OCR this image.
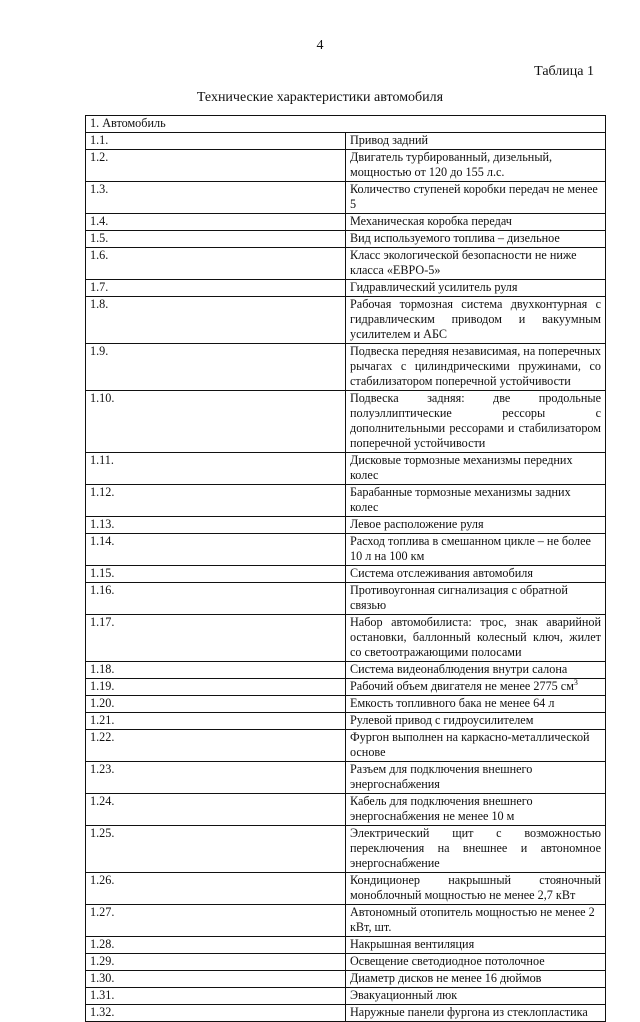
4
Таблица 1
Технические характеристики автомобиля
1. Автомобиль	
1.1.	Привод задний
1.2.	Двигатель турбированный, дизельный, мощностью от 120 до 155 л.с.
1.3.	Количество ступеней коробки передач не менее 5
1.4.	Механическая коробка передач
1.5.	Вид используемого топлива – дизельное
1.6.	Класс экологической безопасности не ниже класса «ЕВРО-5»
1.7.	Гидравлический усилитель руля
1.8.	Рабочая тормозная система двухконтурная с гидравлическим приводом и вакуумным усилителем и АБС
1.9.	Подвеска передняя независимая, на поперечных рычагах с цилиндрическими пружинами, со стабилизатором поперечной устойчивости
1.10.	Подвеска задняя: две продольные полуэллиптические рессоры с дополнительными рессорами и стабилизатором поперечной устойчивости
1.11.	Дисковые тормозные механизмы передних колес
1.12.	Барабанные тормозные механизмы задних колес
1.13.	Левое расположение руля
1.14.	Расход топлива в смешанном цикле – не более 10 л на 100 км
1.15.	Система отслеживания автомобиля
1.16.	Противоугонная сигнализация с обратной связью
1.17.	Набор автомобилиста: трос, знак аварийной остановки, баллонный колесный ключ, жилет со светоотражающими полосами
1.18.	Система видеонаблюдения внутри салона
1.19.	Рабочий объем двигателя не менее 2775 $см^3$
1.20.	Емкость топливного бака не менее 64 л
1.21.	Рулевой привод с гидроусилителем
1.22.	Фургон выполнен на каркасно-металлической основе
1.23.	Разъем для подключения внешнего энергоснабжения
1.24.	Кабель для подключения внешнего энергоснабжения не менее 10 м
1.25.	Электрический щит с возможностью переключения на внешнее и автономное энергоснабжение
1.26.	Кондиционер накрышный стояночный моноблочный мощностью не менее 2,7 кВт
1.27.	Автономный отопитель мощностью не менее 2 кВт, шт.
1.28.	Накрышная вентиляция
1.29.	Освещение светодиодное потолочное
1.30.	Диаметр дисков не менее 16 дюймов
1.31.	Эвакуационный люк
1.32.	Наружные панели фургона из стеклопластика
